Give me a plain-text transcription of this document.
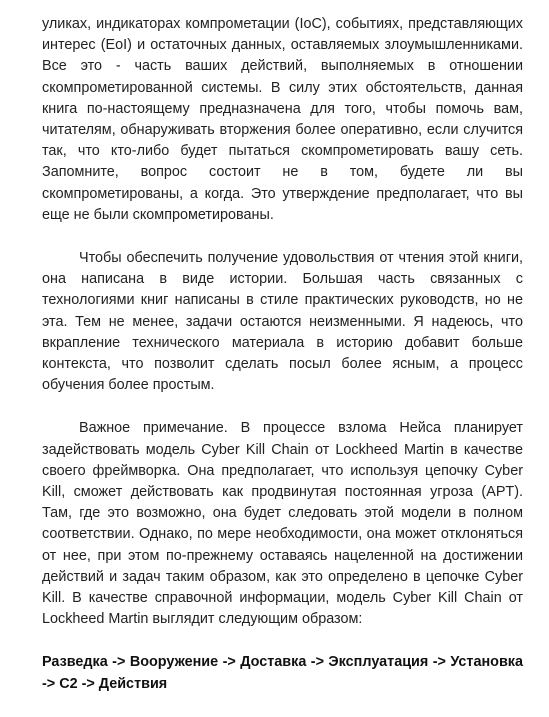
уликах, индикаторах компрометации (IoC), событиях, представляющих интерес (EoI) и остаточных данных, оставляемых злоумышленниками. Все это - часть ваших действий, выполняемых в отношении скомпрометированной системы. В силу этих обстоятельств, данная книга по-настоящему предназначена для того, чтобы помочь вам, читателям, обнаруживать вторжения более оперативно, если случится так, что кто-либо будет пытаться скомпрометировать вашу сеть. Запомните, вопрос состоит не в том, будете ли вы скомпрометированы, а когда. Это утверждение предполагает, что вы еще не были скомпрометированы.

Чтобы обеспечить получение удовольствия от чтения этой книги, она написана в виде истории. Большая часть связанных с технологиями книг написаны в стиле практических руководств, но не эта. Тем не менее, задачи остаются неизменными. Я надеюсь, что вкрапление технического материала в историю добавит больше контекста, что позволит сделать посыл более ясным, а процесс обучения более простым.

Важное примечание. В процессе взлома Нейса планирует задействовать модель Cyber Kill Chain от Lockheed Martin в качестве своего фреймворка. Она предполагает, что используя цепочку Cyber Kill, сможет действовать как продвинутая постоянная угроза (APT). Там, где это возможно, она будет следовать этой модели в полном соответствии. Однако, по мере необходимости, она может отклоняться от нее, при этом по-прежнему оставаясь нацеленной на достижении действий и задач таким образом, как это определено в цепочке Cyber Kill. В качестве справочной информации, модель Cyber Kill Chain от Lockheed Martin выглядит следующим образом:

Разведка -> Вооружение -> Доставка -> Эксплуатация -> Установка -> С2 -> Действия
